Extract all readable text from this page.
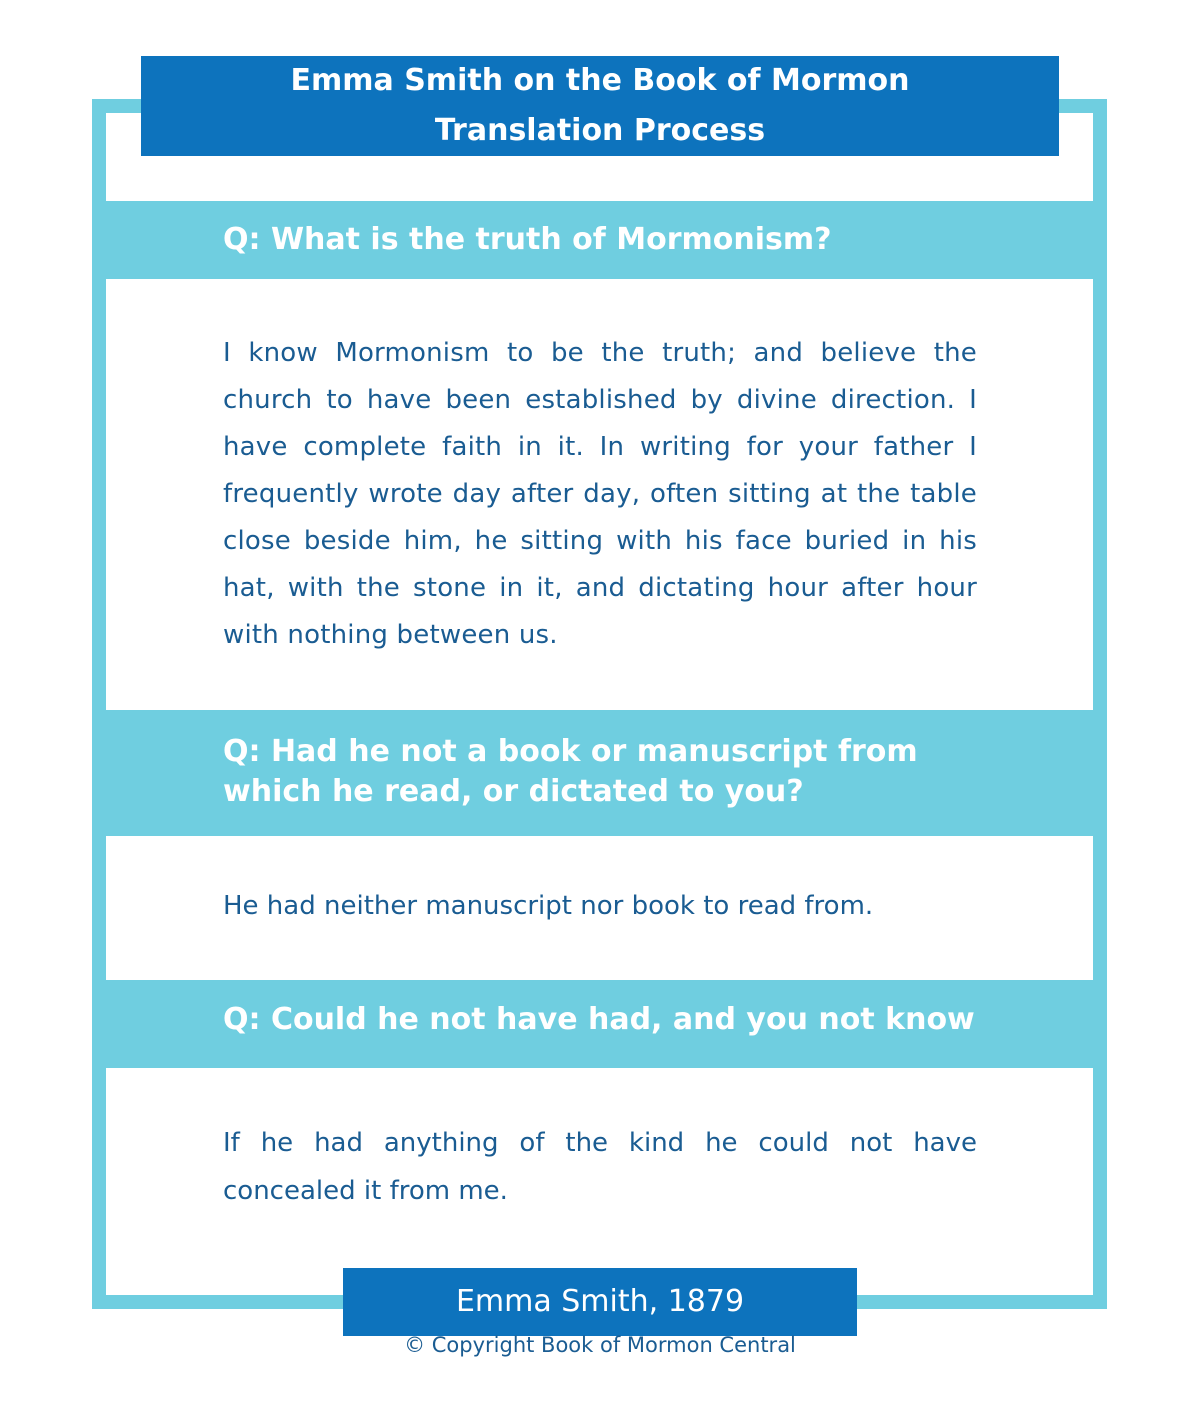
Emma Smith on the Book of Mormon
Translation Process
Q: What is the truth of Mormonism?
I know Mormonism to be the truth; and believe the church to have been established by divine direction. I have complete faith in it. In writing for your father I frequently wrote day after day, often sitting at the table close beside him, he sitting with his face buried in his hat, with the stone in it, and dictating hour after hour with nothing between us.
Q: Had he not a book or manuscript from
which he read, or dictated to you?
He had neither manuscript nor book to read from.
Q: Could he not have had, and you not know it?
If he had anything of the kind he could not have concealed it from me.
Emma Smith, 1879
© Copyright Book of Mormon Central
